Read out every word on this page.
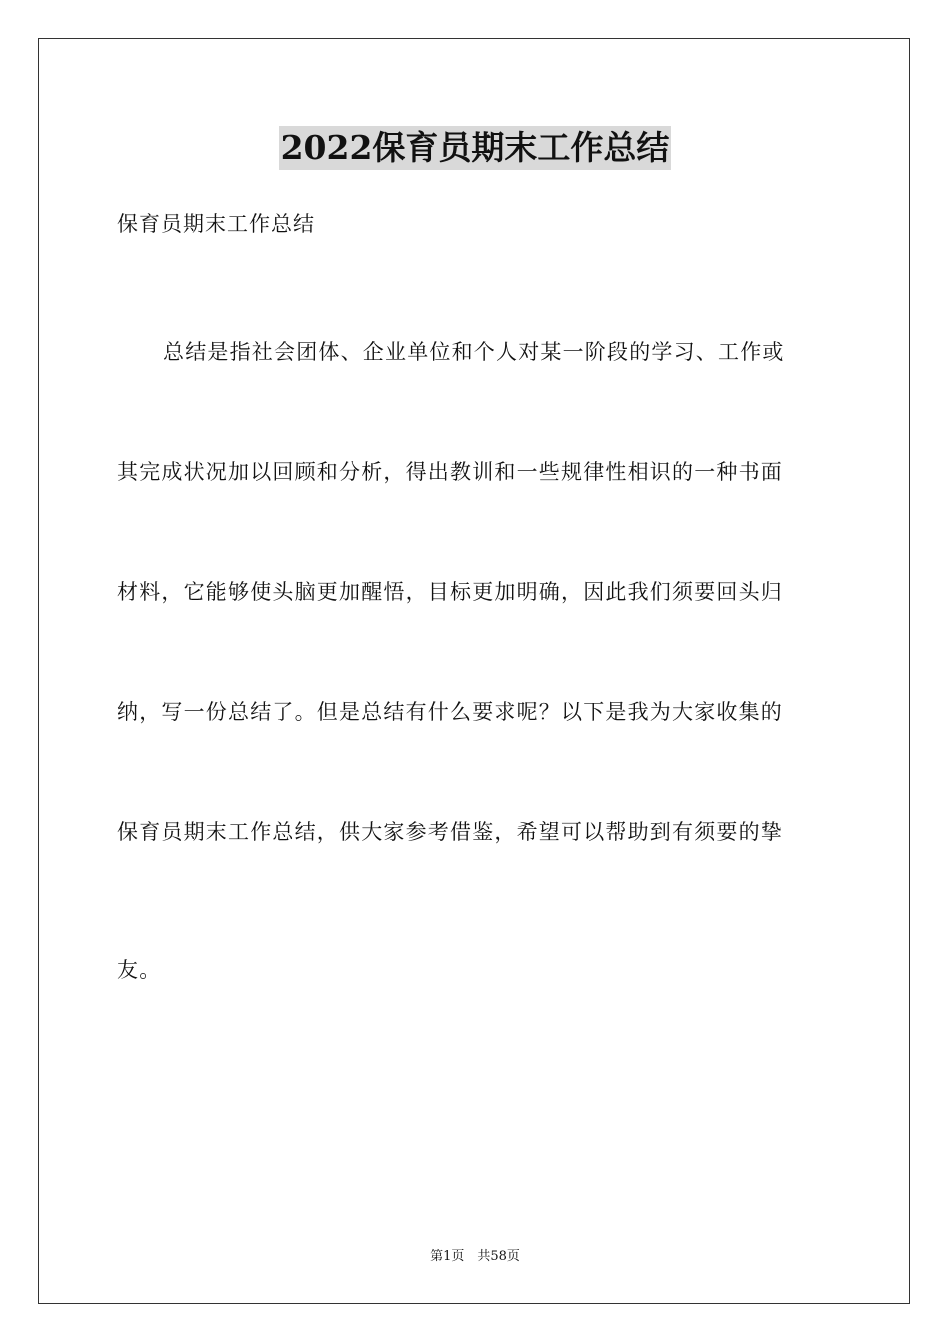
2022保育员期末工作总结
保育员期末工作总结
总结是指社会团体、企业单位和个人对某一阶段的学习、工作或
其完成状况加以回顾和分析，得出教训和一些规律性相识的一种书面
材料，它能够使头脑更加醒悟，目标更加明确，因此我们须要回头归
纳，写一份总结了。但是总结有什么要求呢？以下是我为大家收集的
保育员期末工作总结，供大家参考借鉴，希望可以帮助到有须要的挚
友。
第1页　共58页
